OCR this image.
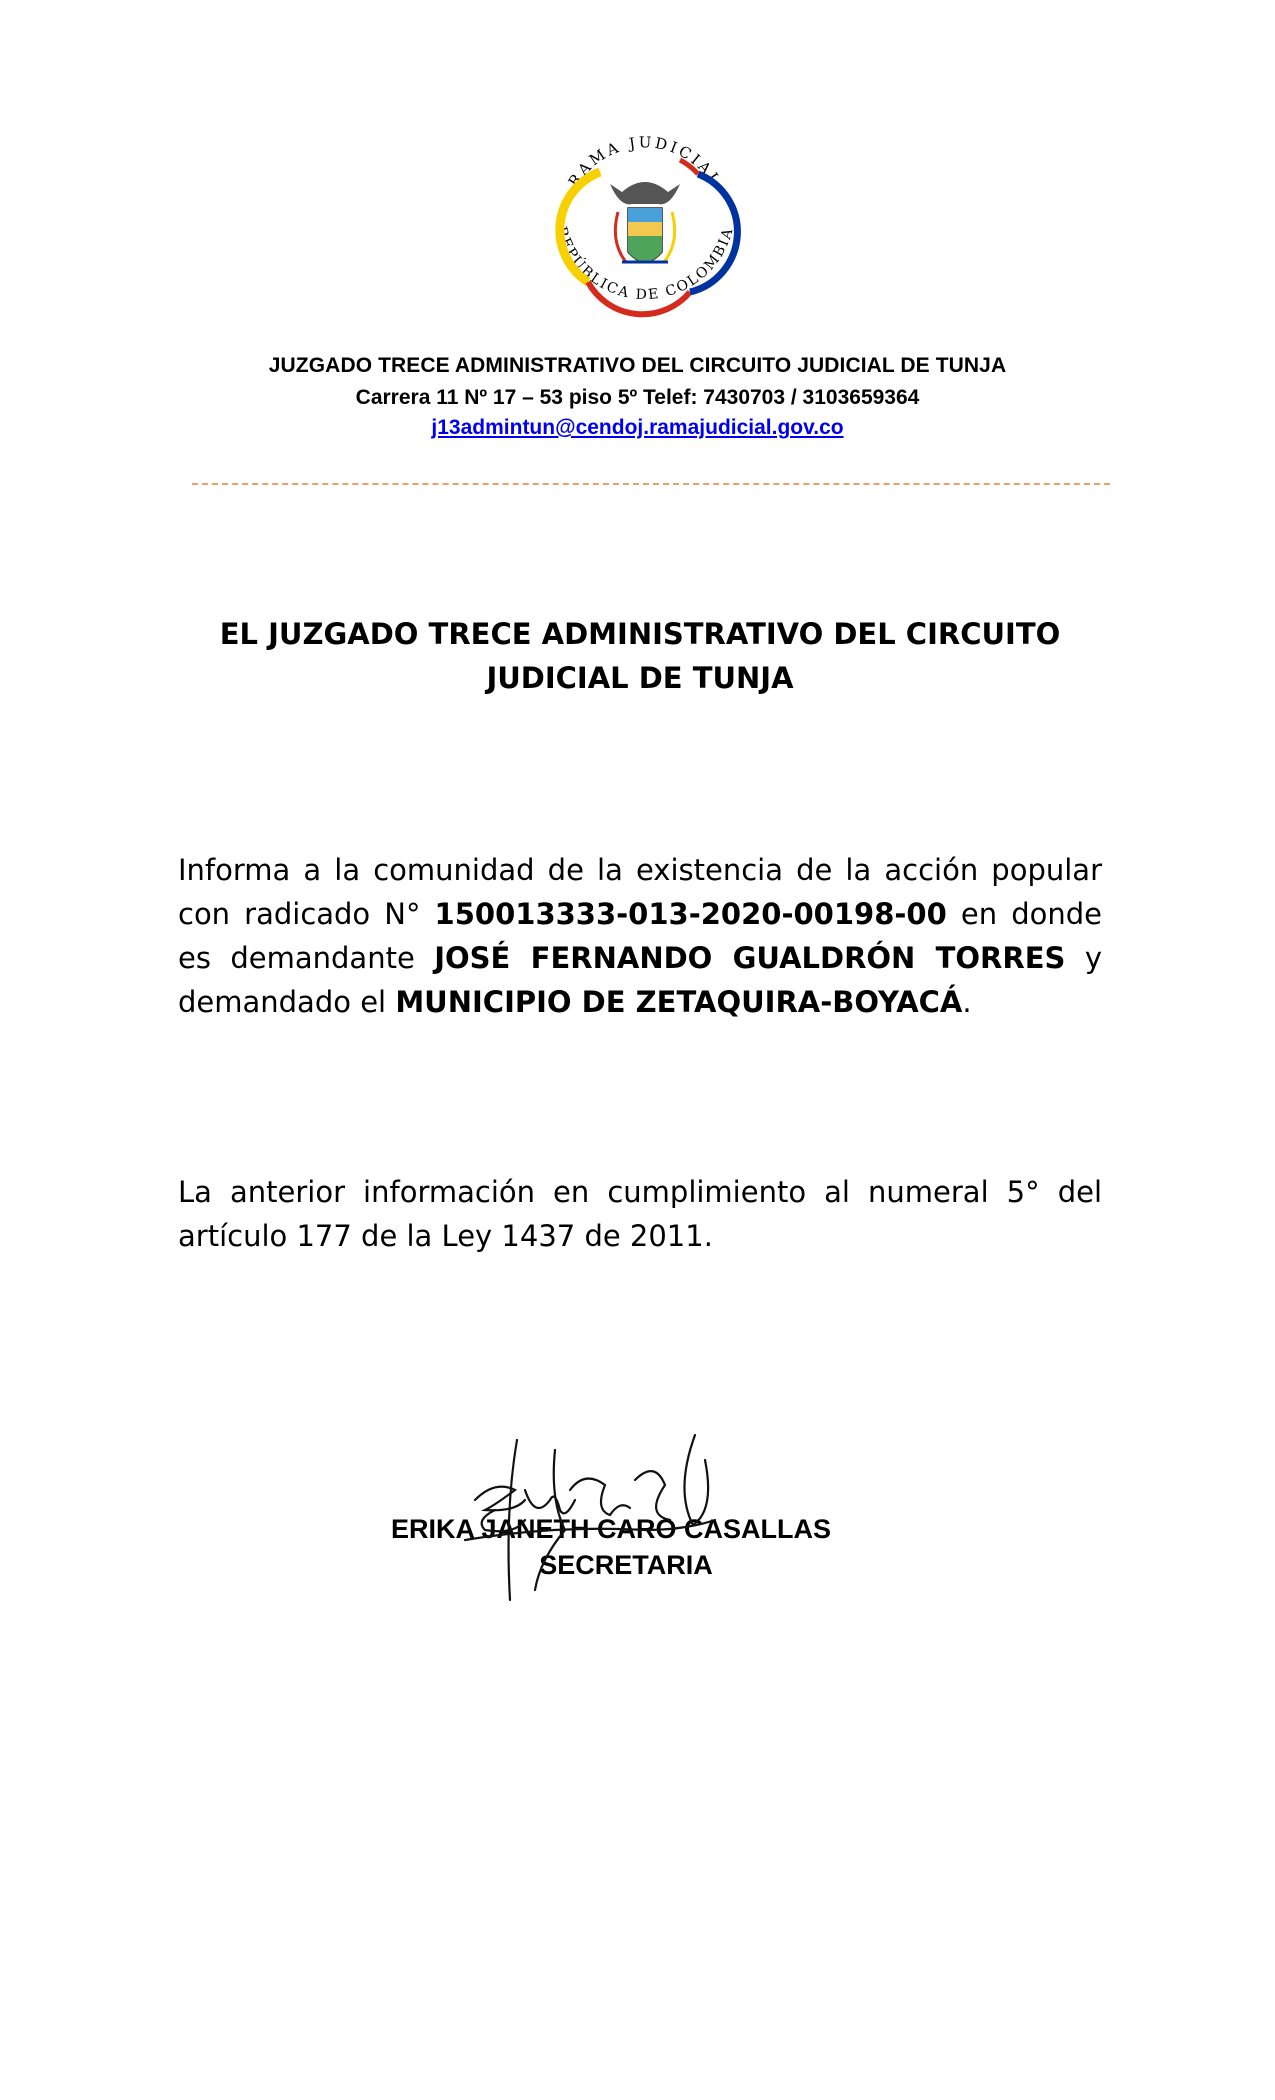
RAMA JUDICIAL
REPÚBLICA DE COLOMBIA
JUZGADO TRECE ADMINISTRATIVO DEL CIRCUITO JUDICIAL DE TUNJA
Carrera 11 Nº 17 – 53 piso 5º Telef: 7430703 / 3103659364
j13admintun@cendoj.ramajudicial.gov.co
EL JUZGADO TRECE ADMINISTRATIVO DEL CIRCUITO
JUDICIAL DE TUNJA
Informa a la comunidad de la existencia de la acción popular con radicado N° 150013333-013-2020-00198-00 en donde es demandante JOSÉ FERNANDO GUALDRÓN TORRES y demandado el MUNICIPIO DE ZETAQUIRA-BOYACÁ.
La anterior información en cumplimiento al numeral 5° del artículo 177 de la Ley 1437 de 2011.
ERIKA JANETH CARO CASALLAS
SECRETARIA
